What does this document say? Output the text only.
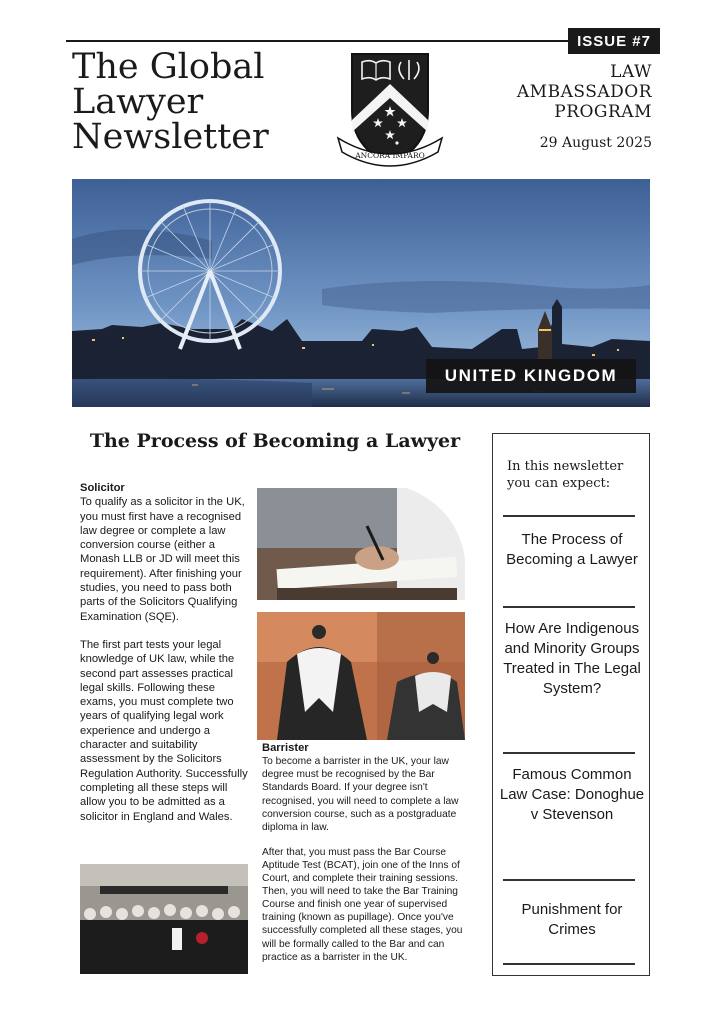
ISSUE #7
The Global
Lawyer
Newsletter	ANCORA IMPARO
LAW
AMBASSADOR
PROGRAM
29 August 2025
UNITED KINGDOM
The Process of Becoming a Lawyer
Solicitor

To qualify as a solicitor in the UK, you must first have a recognised law degree or complete a law conversion course (either a Monash LLB or JD will meet this requirement). After finishing your studies, you need to pass both parts of the Solicitors Qualifying Examination (SQE).

The first part tests your legal knowledge of UK law, while the second part assesses practical legal skills. Following these exams, you must complete two years of qualifying legal work experience and undergo a character and suitability assessment by the Solicitors Regulation Authority. Successfully completing all these steps will allow you to be admitted as a solicitor in England and Wales.

Barrister

To become a barrister in the UK, your law degree must be recognised by the Bar Standards Board. If your degree isn't recognised, you will need to complete a law conversion course, such as a postgraduate diploma in law.

After that, you must pass the Bar Course Aptitude Test (BCAT), join one of the Inns of Court, and complete their training sessions. Then, you will need to take the Bar Training Course and finish one year of supervised training (known as pupillage). Once you've successfully completed all these stages, you will be formally called to the Bar and can practice as a barrister in the UK.

In this newsletter you can expect:
The Process of Becoming a Lawyer
How Are Indigenous and Minority Groups Treated in The Legal System?
Famous Common Law Case: Donoghue v Stevenson
Punishment for Crimes
